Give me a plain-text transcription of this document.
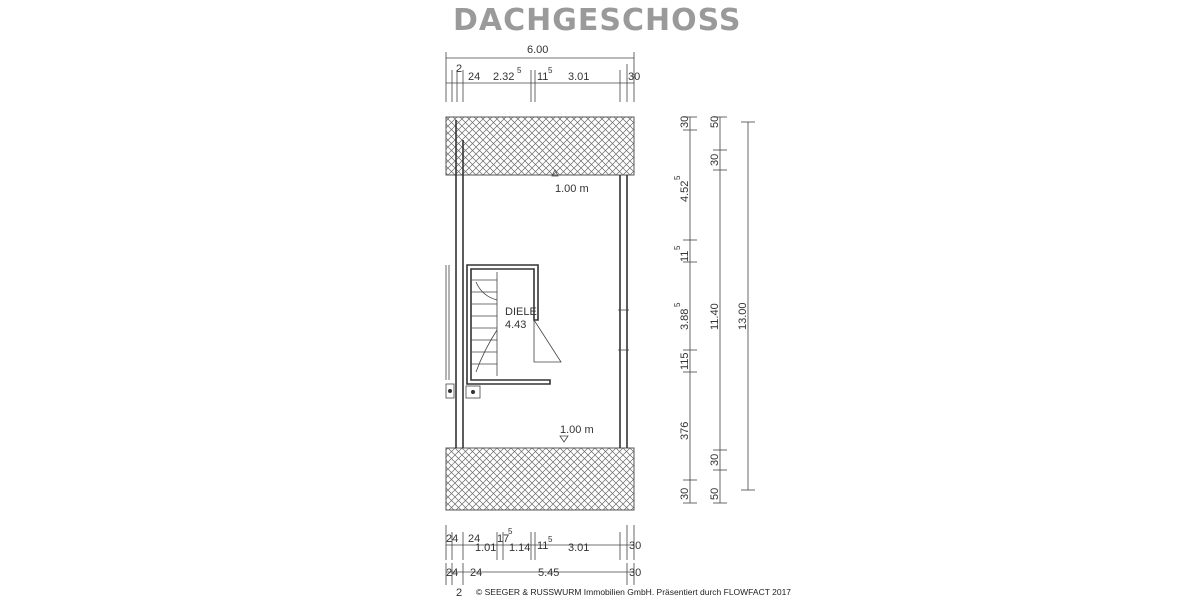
DACHGESCHOSS
6.00
2
24 2.32
5
11
5
3.01	30
1.00 m
1.00 m
DIELE
4.43
30
4.52
5
11
5
3.88
5
115
376
30
50
30
11.40
30
50
13.00
24 24
1.01
17
5
1.14 11
5
3.01	30
24 24	5.45	30
2 © SEEGER & RUSSWURM Immobilien GmbH. Präsentiert durch FLOWFACT 2017
